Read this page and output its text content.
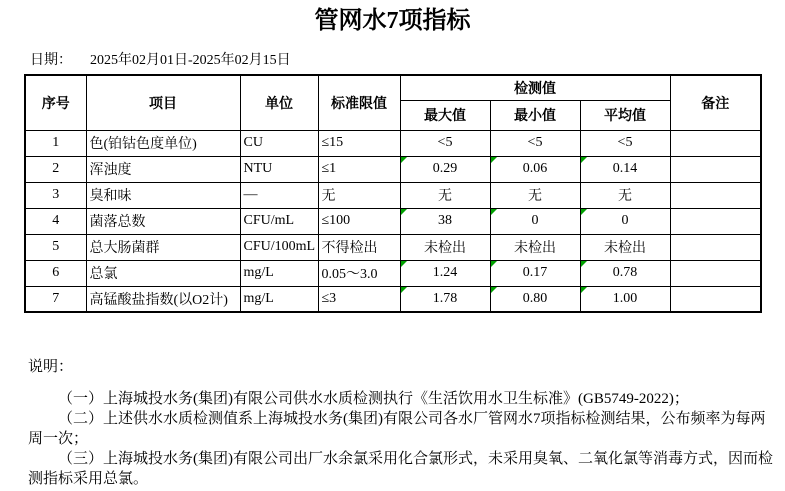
管网水7项指标
日期： 2025年02月01日-2025年02月15日
序号	项目	单位	标准限值	检测值			备注
				最大值	最小值	平均值	
1	色(铂钴色度单位)	CU	≤15	<5	<5	<5	
2	浑浊度	NTU	≤1	0.29	0.06	0.14

3	臭和味	—	无	无	无	无	
4	菌落总数	CFU/mL	≤100	38	0	0

5	总大肠菌群	CFU/100mL	不得检出	未检出	未检出	未检出	
6	总氯	mg/L	0.05～3.0	1.24	0.17	0.78

7	高锰酸盐指数(以O2计)	mg/L	≤3	1.78	0.80	1.00

说明：

（一）上海城投水务(集团)有限公司供水水质检测执行《生活饮用水卫生标准》(GB5749-2022)；

（二）上述供水水质检测值系上海城投水务(集团)有限公司各水厂管网水7项指标检测结果，公布频率为每两周一次；

（三）上海城投水务(集团)有限公司出厂水余氯采用化合氯形式，未采用臭氧、二氧化氯等消毒方式，因而检测指标采用总氯。
